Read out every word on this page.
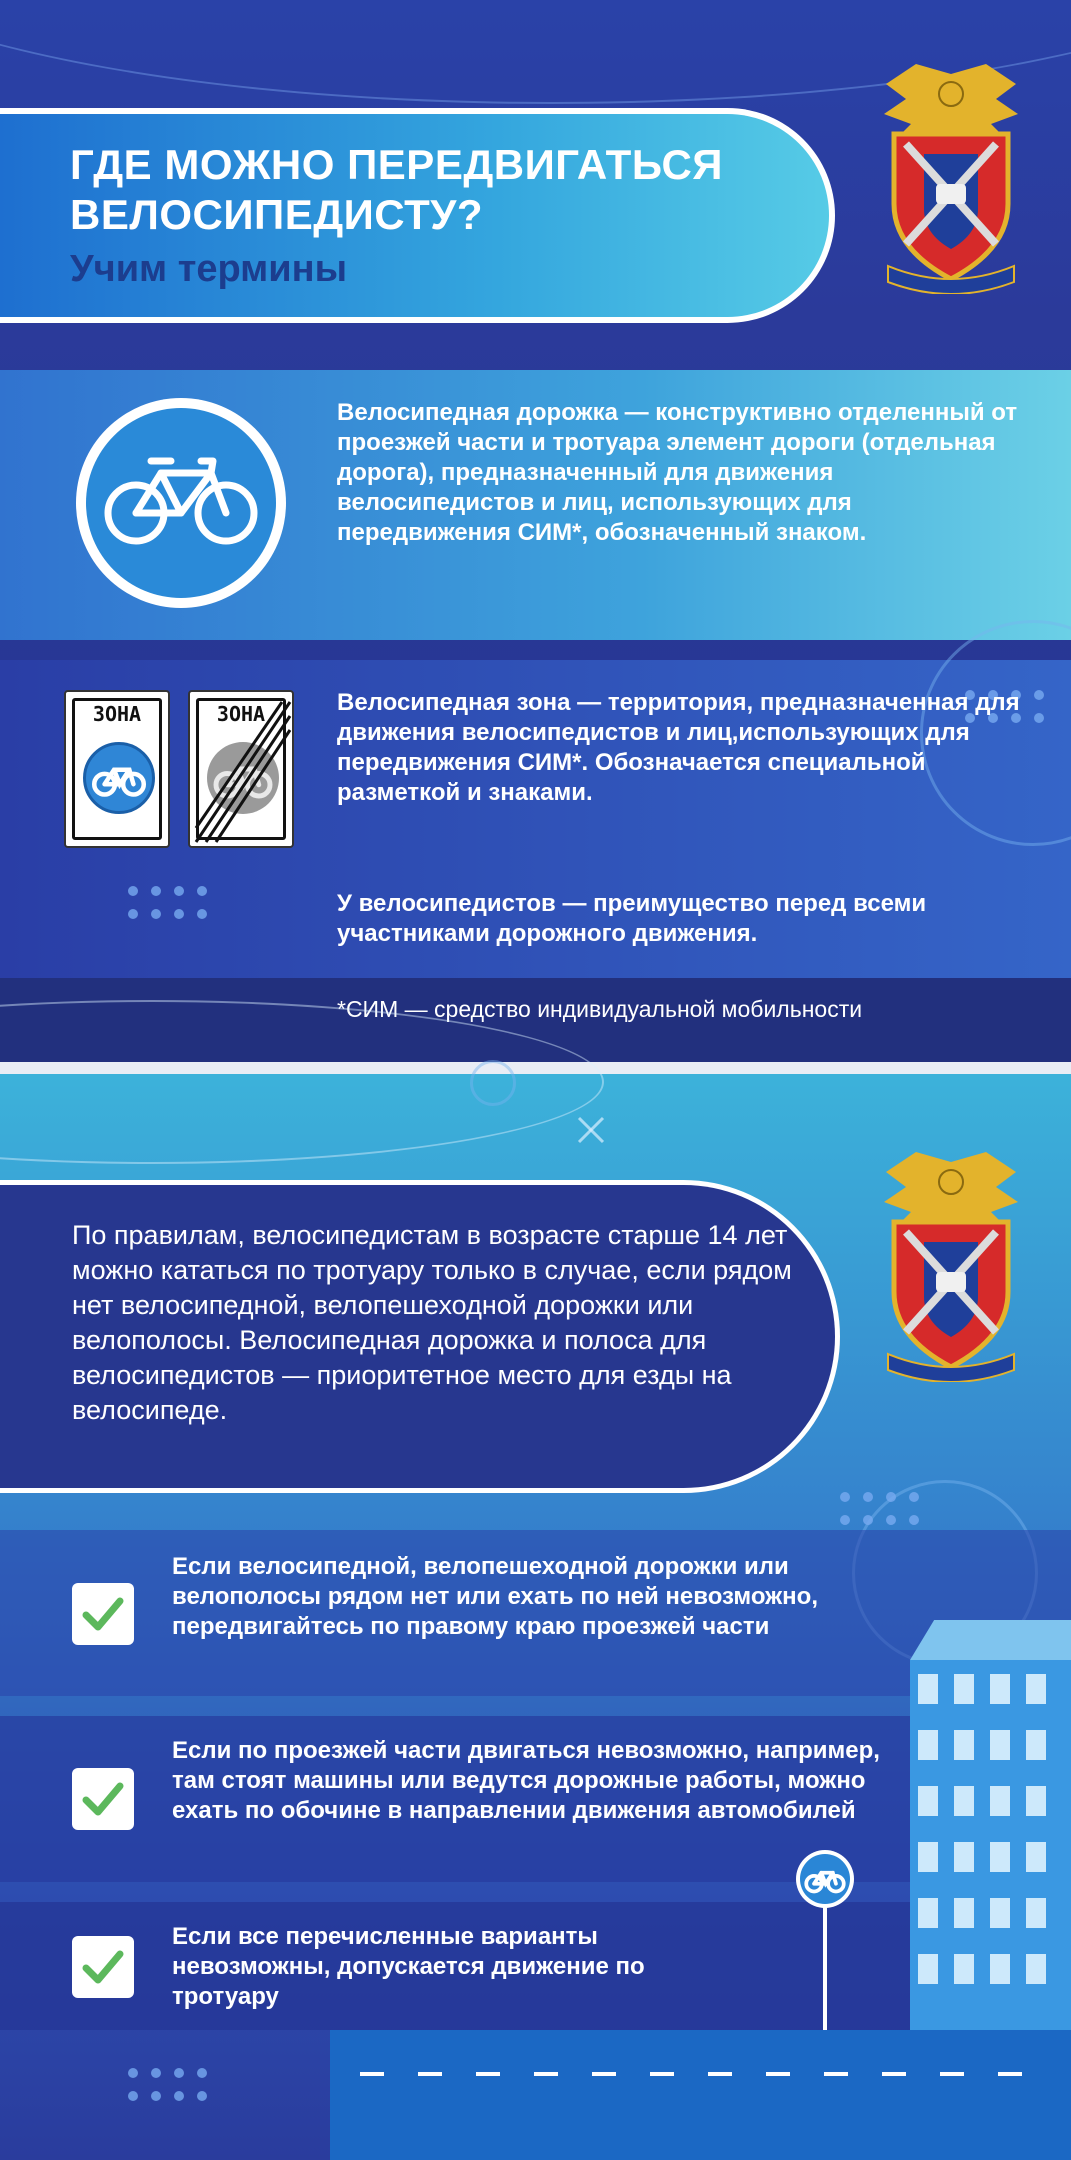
ГДЕ МОЖНО ПЕРЕДВИГАТЬСЯ ВЕЛОСИПЕДИСТУ?
Учим термины
Велосипедная дорожка — конструктивно отделенный от проезжей части и тротуара элемент дороги (отдельная дорога), предназначенный для движения велосипедистов и лиц, использующих для передвижения СИМ*, обозначенный знаком.
ЗОНА	ЗОНА	Велосипедная зона — территория, предназначенная для движения велосипедистов и лиц,использующих для передвижения СИМ*. Обозначается специальной разметкой и знаками.
У велосипедистов — преимущество перед всеми участниками дорожного движения.
*СИМ — средство индивидуальной мобильности
По правилам, велосипедистам в возрасте старше 14 лет можно кататься по тротуару только в случае, если рядом нет велосипедной, велопешеходной дорожки или велополосы. Велосипедная дорожка и полоса для велосипедистов — приоритетное место для езды на велосипеде.
Если велосипедной, велопешеходной дорожки или велополосы рядом нет или ехать по ней невозможно, передвигайтесь по правому краю проезжей части
Если по проезжей части двигаться невозможно, например, там стоят машины или ведутся дорожные работы, можно ехать по обочине в направлении движения автомобилей
Если все перечисленные варианты невозможны, допускается движение по тротуару
